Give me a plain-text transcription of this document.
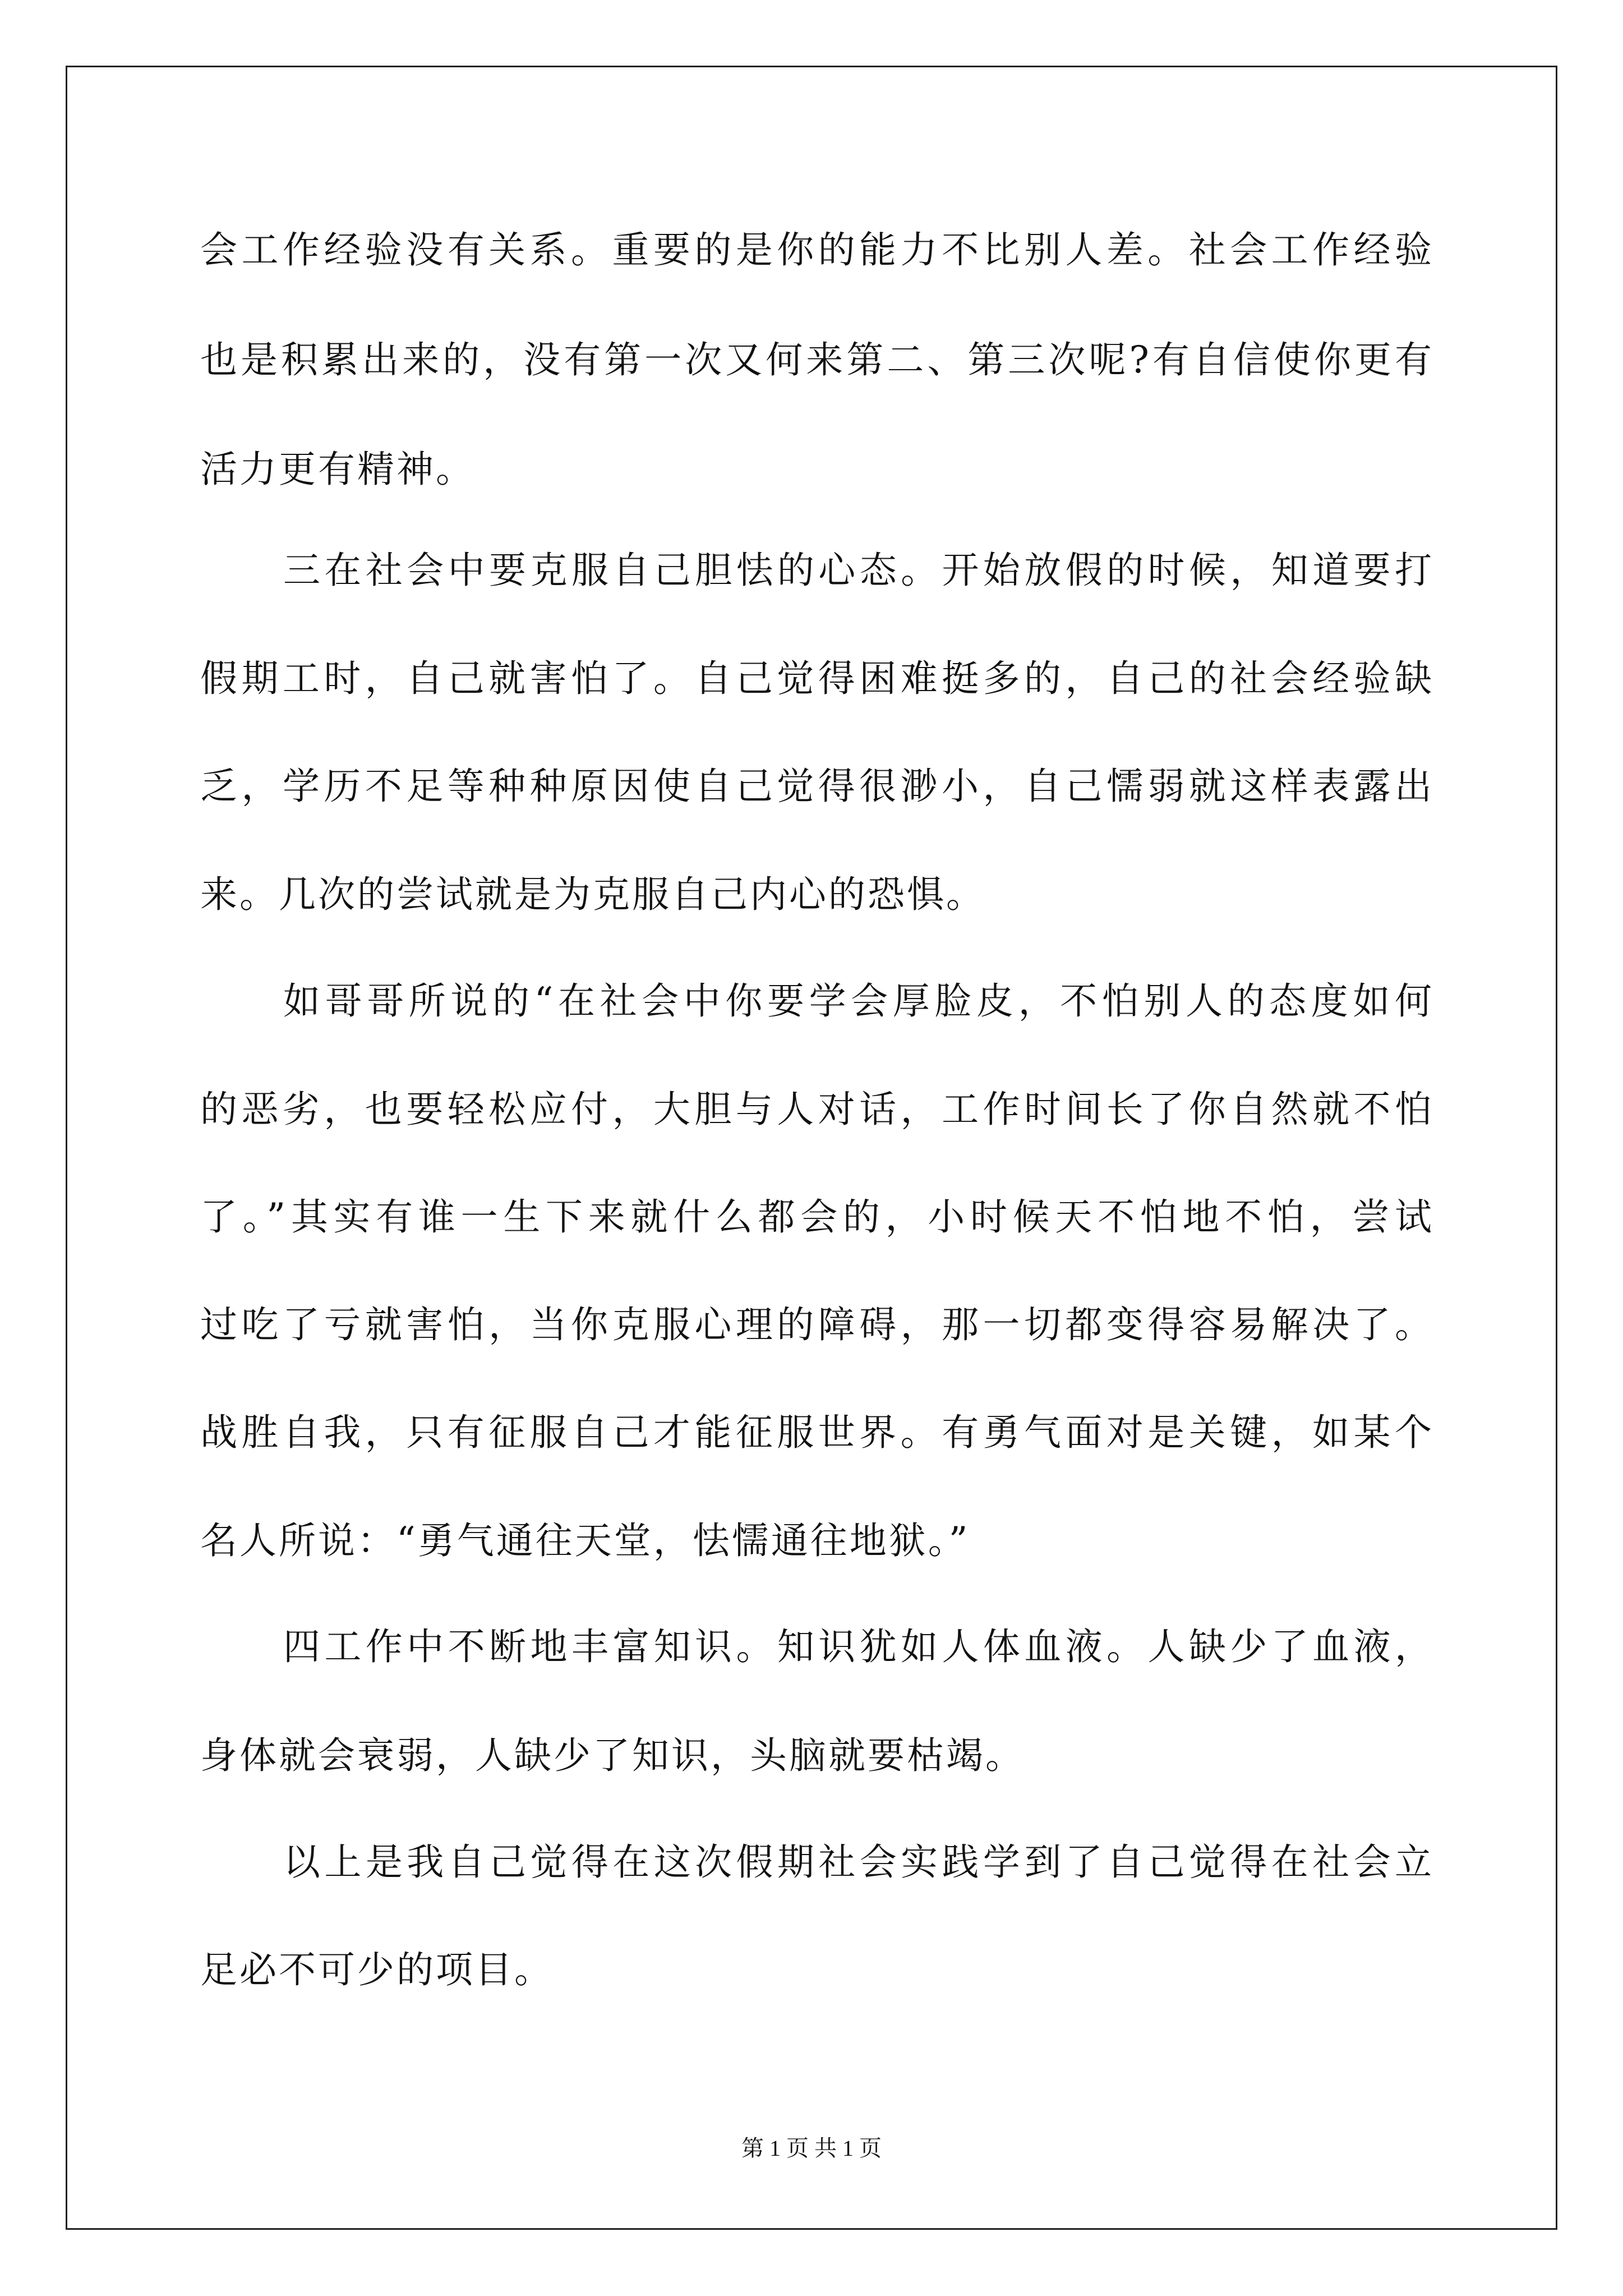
会工作经验没有关系。重要的是你的能力不比别人差。社会工作经验
也是积累出来的，没有第一次又何来第二、第三次呢?有自信使你更有
活力更有精神。
三在社会中要克服自己胆怯的心态。开始放假的时候，知道要打
假期工时，自己就害怕了。自己觉得困难挺多的，自己的社会经验缺
乏，学历不足等种种原因使自己觉得很渺小，自己懦弱就这样表露出
来。几次的尝试就是为克服自己内心的恐惧。
如哥哥所说的“在社会中你要学会厚脸皮，不怕别人的态度如何
的恶劣，也要轻松应付，大胆与人对话，工作时间长了你自然就不怕
了。”其实有谁一生下来就什么都会的，小时候天不怕地不怕，尝试
过吃了亏就害怕，当你克服心理的障碍，那一切都变得容易解决了。
战胜自我，只有征服自己才能征服世界。有勇气面对是关键，如某个
名人所说：“勇气通往天堂，怯懦通往地狱。”
四工作中不断地丰富知识。知识犹如人体血液。人缺少了血液，
身体就会衰弱，人缺少了知识，头脑就要枯竭。
以上是我自己觉得在这次假期社会实践学到了自己觉得在社会立
足必不可少的项目。
第 1 页 共 1 页
